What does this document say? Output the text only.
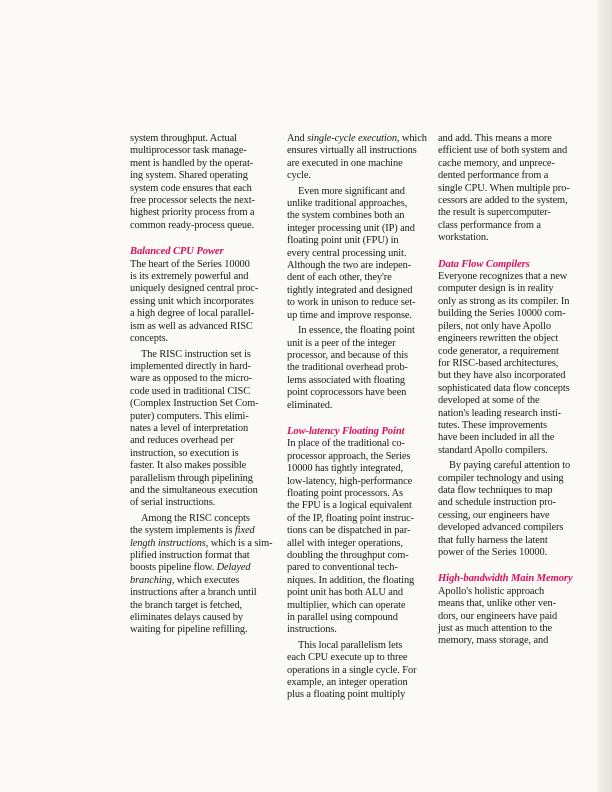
system throughput. Actual
multiprocessor task manage-
ment is handled by the operat-
ing system. Shared operating
system code ensures that each
free processor selects the next-
highest priority process from a
common ready-process queue.
Balanced CPU Power
The heart of the Series 10000
is its extremely powerful and
uniquely designed central proc-
essing unit which incorporates
a high degree of local parallel-
ism as well as advanced RISC
concepts.
The RISC instruction set is
implemented directly in hard-
ware as opposed to the micro-
code used in traditional CISC
(Complex Instruction Set Com-
puter) computers. This elimi-
nates a level of interpretation
and reduces overhead per
instruction, so execution is
faster. It also makes possible
parallelism through pipelining
and the simultaneous execution
of serial instructions.
Among the RISC concepts
the system implements is fixed
length instructions, which is a sim-
plified instruction format that
boosts pipeline flow. Delayed
branching, which executes
instructions after a branch until
the branch target is fetched,
eliminates delays caused by
waiting for pipeline refilling.
And single-cycle execution, which
ensures virtually all instructions
are executed in one machine
cycle.
Even more significant and
unlike traditional approaches,
the system combines both an
integer processing unit (IP) and
floating point unit (FPU) in
every central processing unit.
Although the two are indepen-
dent of each other, they're
tightly integrated and designed
to work in unison to reduce set-
up time and improve response.
In essence, the floating point
unit is a peer of the integer
processor, and because of this
the traditional overhead prob-
lems associated with floating
point coprocessors have been
eliminated.
Low-latency Floating Point
In place of the traditional co-
processor approach, the Series
10000 has tightly integrated,
low-latency, high-performance
floating point processors. As
the FPU is a logical equivalent
of the IP, floating point instruc-
tions can be dispatched in par-
allel with integer operations,
doubling the throughput com-
pared to conventional tech-
niques. In addition, the floating
point unit has both ALU and
multiplier, which can operate
in parallel using compound
instructions.
This local parallelism lets
each CPU execute up to three
operations in a single cycle. For
example, an integer operation
plus a floating point multiply
and add. This means a more
efficient use of both system and
cache memory, and unprece-
dented performance from a
single CPU. When multiple pro-
cessors are added to the system,
the result is supercomputer-
class performance from a
workstation.
Data Flow Compilers
Everyone recognizes that a new
computer design is in reality
only as strong as its compiler. In
building the Series 10000 com-
pilers, not only have Apollo
engineers rewritten the object
code generator, a requirement
for RISC-based architectures,
but they have also incorporated
sophisticated data flow concepts
developed at some of the
nation's leading research insti-
tutes. These improvements
have been included in all the
standard Apollo compilers.
By paying careful attention to
compiler technology and using
data flow techniques to map
and schedule instruction pro-
cessing, our engineers have
developed advanced compilers
that fully harness the latent
power of the Series 10000.
High-bandwidth Main Memory
Apollo's holistic approach
means that, unlike other ven-
dors, our engineers have paid
just as much attention to the
memory, mass storage, and
